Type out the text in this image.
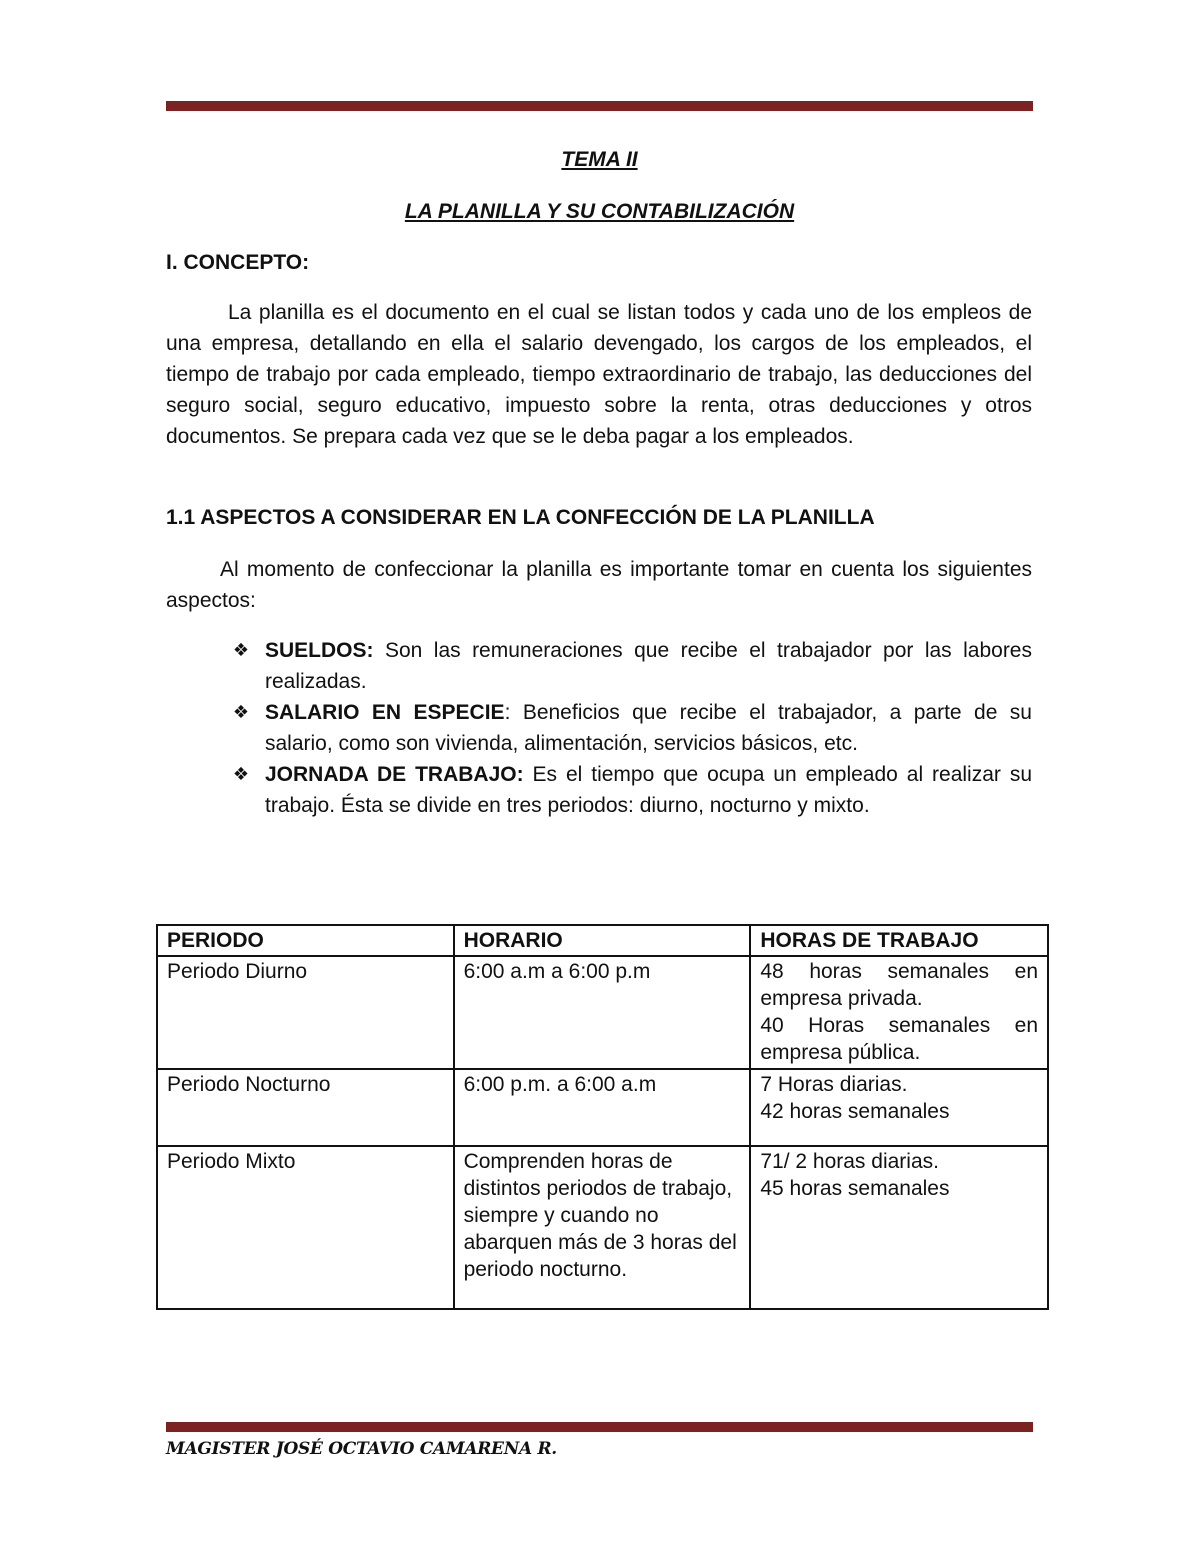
TEMA II
LA PLANILLA Y SU CONTABILIZACIÓN
I. CONCEPTO:
La planilla es el documento en el cual se listan todos y cada uno de los empleos de una empresa, detallando en ella el salario devengado, los cargos de los empleados, el tiempo de trabajo por cada empleado, tiempo extraordinario de trabajo, las deducciones del seguro social, seguro educativo, impuesto sobre la renta, otras deducciones y otros documentos. Se prepara cada vez que se le deba pagar a los empleados.
1.1 ASPECTOS A CONSIDERAR EN LA CONFECCIÓN DE LA PLANILLA
Al momento de confeccionar la planilla es importante tomar en cuenta los siguientes aspectos:
❖ SUELDOS: Son las remuneraciones que recibe el trabajador por las labores realizadas.
❖ SALARIO EN ESPECIE: Beneficios que recibe el trabajador, a parte de su salario, como son vivienda, alimentación, servicios básicos, etc.
❖ JORNADA DE TRABAJO: Es el tiempo que ocupa un empleado al realizar su trabajo. Ésta se divide en tres periodos: diurno, nocturno y mixto.
PERIODO	HORARIO	HORAS DE TRABAJO
Periodo Diurno	6:00 a.m a 6:00 p.m	48 horas semanales en empresa privada.
40 Horas semanales en empresa pública.

Periodo Nocturno	6:00 p.m. a 6:00 a.m	7 Horas diarias.
42 horas semanales

Periodo Mixto	Comprenden horas de distintos periodos de trabajo, siempre y cuando no abarquen más de 3 horas del periodo nocturno.	71/ 2 horas diarias.
45 horas semanales
MAGISTER JOSÉ OCTAVIO CAMARENA R.
